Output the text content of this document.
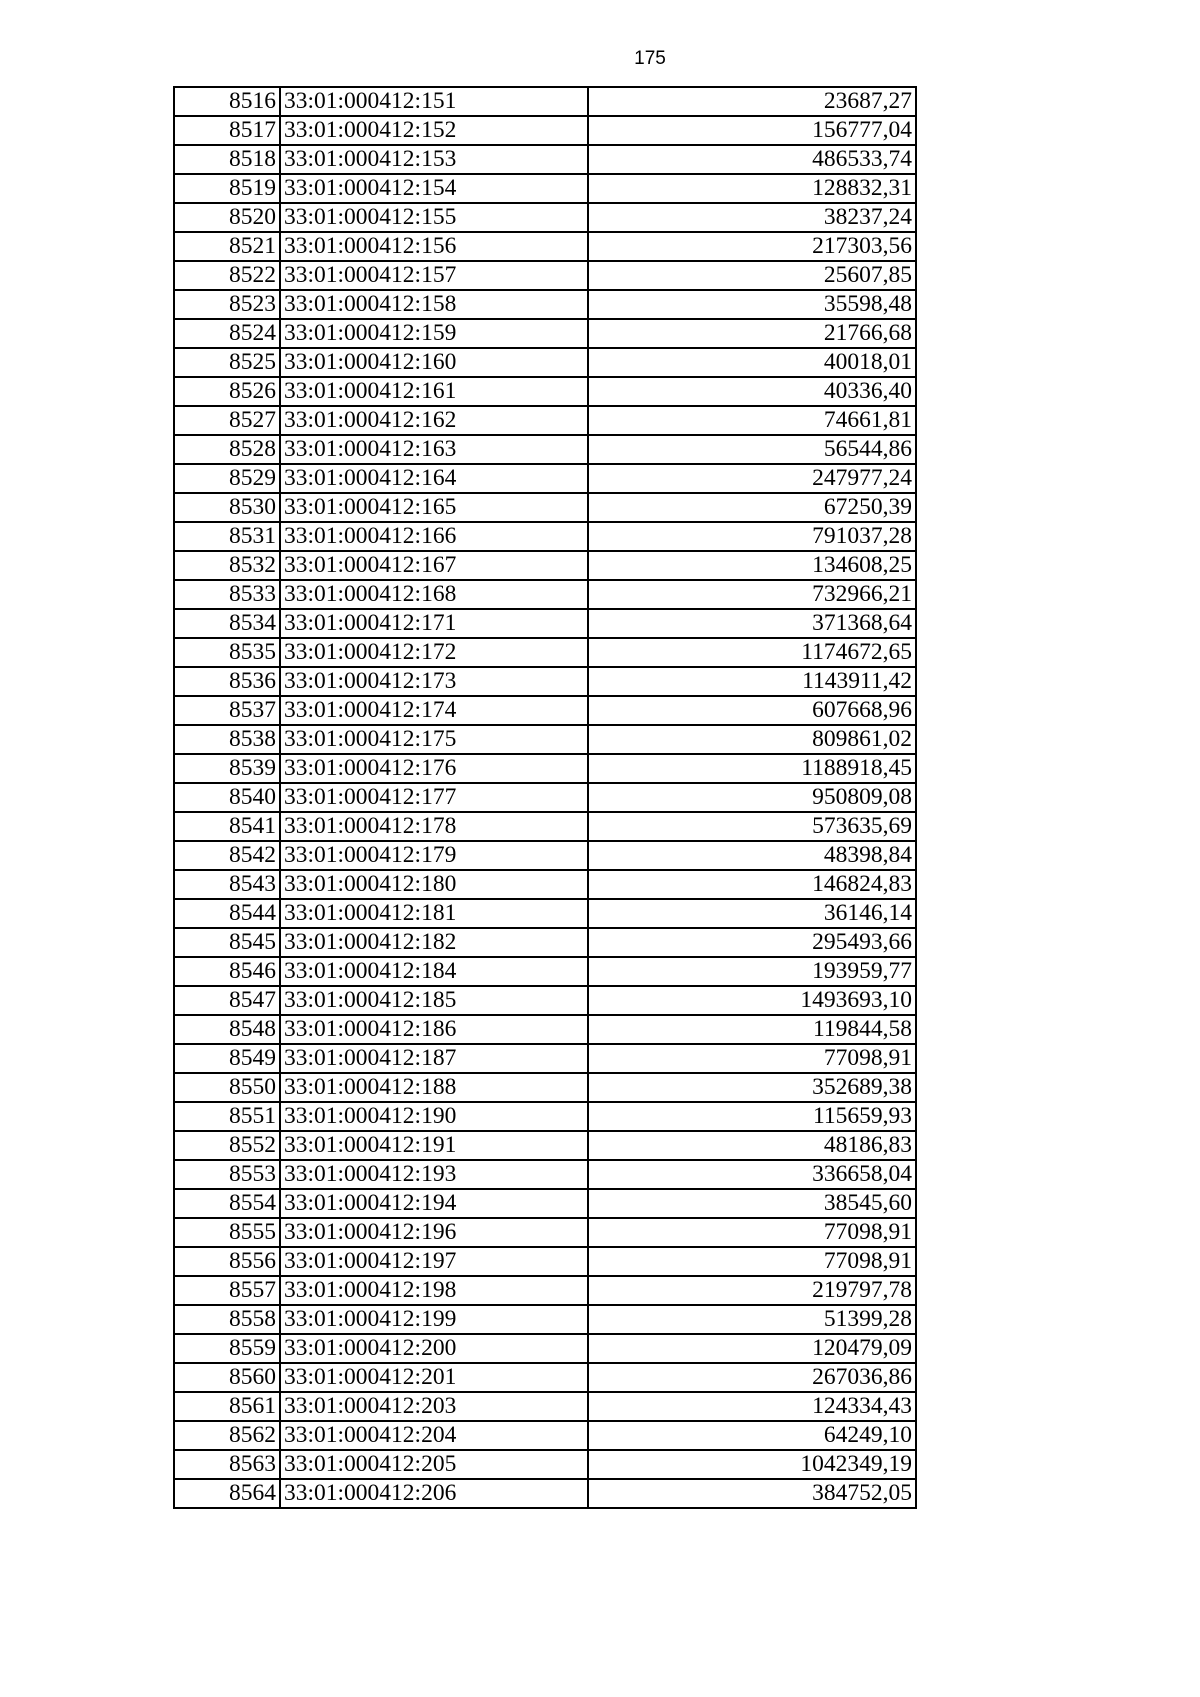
175
8516	33:01:000412:151	23687,27
8517	33:01:000412:152	156777,04
8518	33:01:000412:153	486533,74
8519	33:01:000412:154	128832,31
8520	33:01:000412:155	38237,24
8521	33:01:000412:156	217303,56
8522	33:01:000412:157	25607,85
8523	33:01:000412:158	35598,48
8524	33:01:000412:159	21766,68
8525	33:01:000412:160	40018,01
8526	33:01:000412:161	40336,40
8527	33:01:000412:162	74661,81
8528	33:01:000412:163	56544,86
8529	33:01:000412:164	247977,24
8530	33:01:000412:165	67250,39
8531	33:01:000412:166	791037,28
8532	33:01:000412:167	134608,25
8533	33:01:000412:168	732966,21
8534	33:01:000412:171	371368,64
8535	33:01:000412:172	1174672,65
8536	33:01:000412:173	1143911,42
8537	33:01:000412:174	607668,96
8538	33:01:000412:175	809861,02
8539	33:01:000412:176	1188918,45
8540	33:01:000412:177	950809,08
8541	33:01:000412:178	573635,69
8542	33:01:000412:179	48398,84
8543	33:01:000412:180	146824,83
8544	33:01:000412:181	36146,14
8545	33:01:000412:182	295493,66
8546	33:01:000412:184	193959,77
8547	33:01:000412:185	1493693,10
8548	33:01:000412:186	119844,58
8549	33:01:000412:187	77098,91
8550	33:01:000412:188	352689,38
8551	33:01:000412:190	115659,93
8552	33:01:000412:191	48186,83
8553	33:01:000412:193	336658,04
8554	33:01:000412:194	38545,60
8555	33:01:000412:196	77098,91
8556	33:01:000412:197	77098,91
8557	33:01:000412:198	219797,78
8558	33:01:000412:199	51399,28
8559	33:01:000412:200	120479,09
8560	33:01:000412:201	267036,86
8561	33:01:000412:203	124334,43
8562	33:01:000412:204	64249,10
8563	33:01:000412:205	1042349,19
8564	33:01:000412:206	384752,05
